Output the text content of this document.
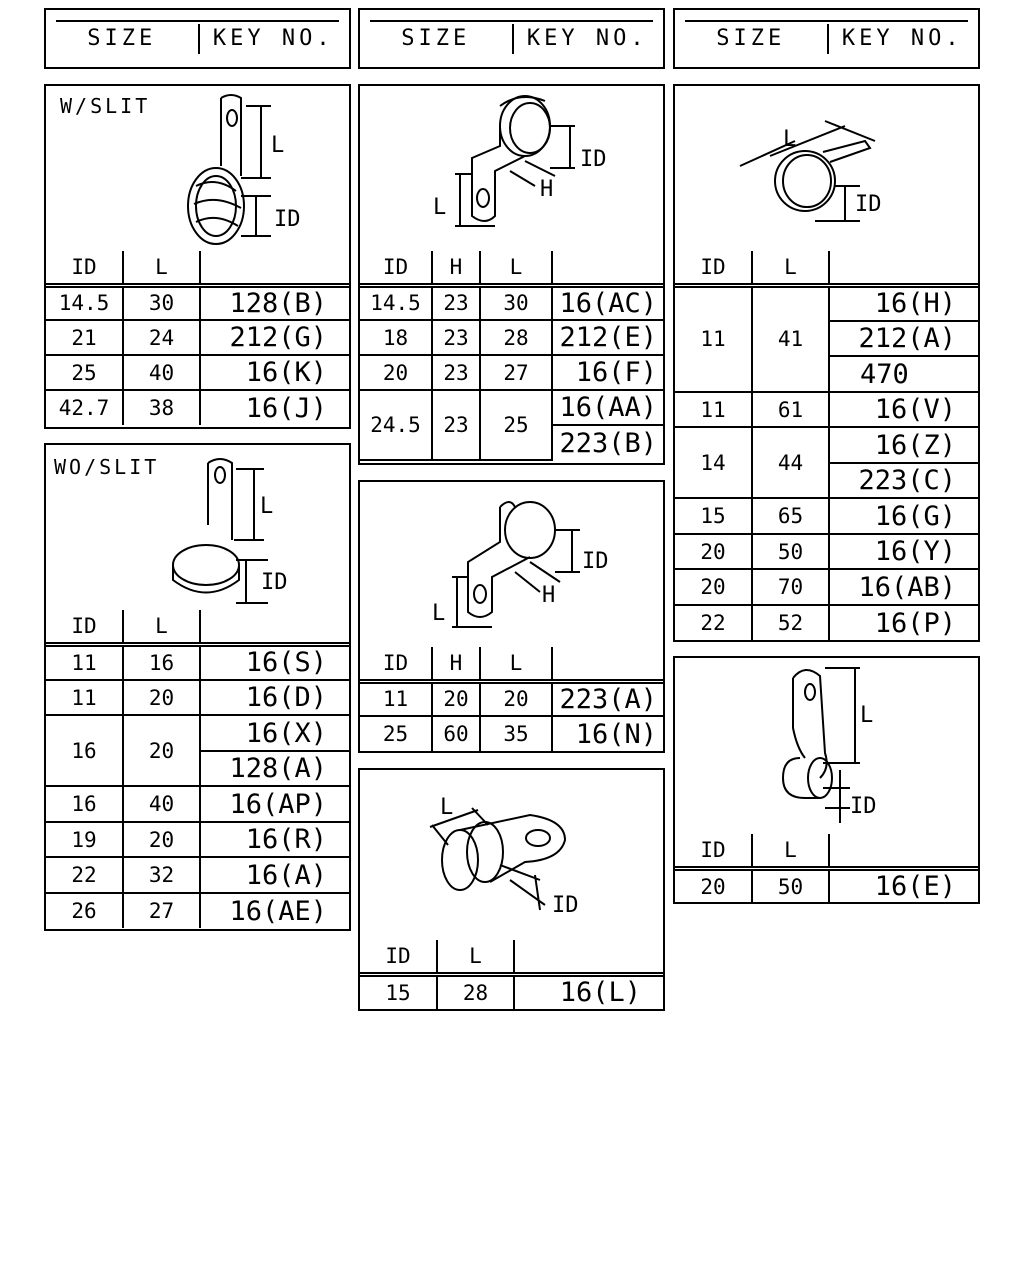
SIZE	KEY NO.	SIZE	KEY NO.	SIZE	KEY NO.
W/SLIT
L
ID
ID	L	
14.5	30	128(B)
21	24	212(G)
25	40	16(K)
42.7	38	16(J)
WO/SLIT
L
ID
ID	L	
11	16	16(S)
11	20	16(D)
16	20	16(X)
		128(A)
16	40	16(AP)
19	20	16(R)
22	32	16(A)
26	27	16(AE)
L
H
ID
ID	H	L	
14.5	23	30	16(AC)
18	23	28	212(E)
20	23	27	16(F)
24.5	23	25	16(AA)
			223(B)
L
H
ID
ID	H	L	
11	20	20	223(A)
25	60	35	16(N)
L
ID
ID	L	
15	28	16(L)
L
ID
ID	L	
11	41	16(H)
		212(A)
		470
11	61	16(V)
14	44	16(Z)
		223(C)
15	65	16(G)
20	50	16(Y)
20	70	16(AB)
22	52	16(P)
L
ID
ID	L	
20	50	16(E)
